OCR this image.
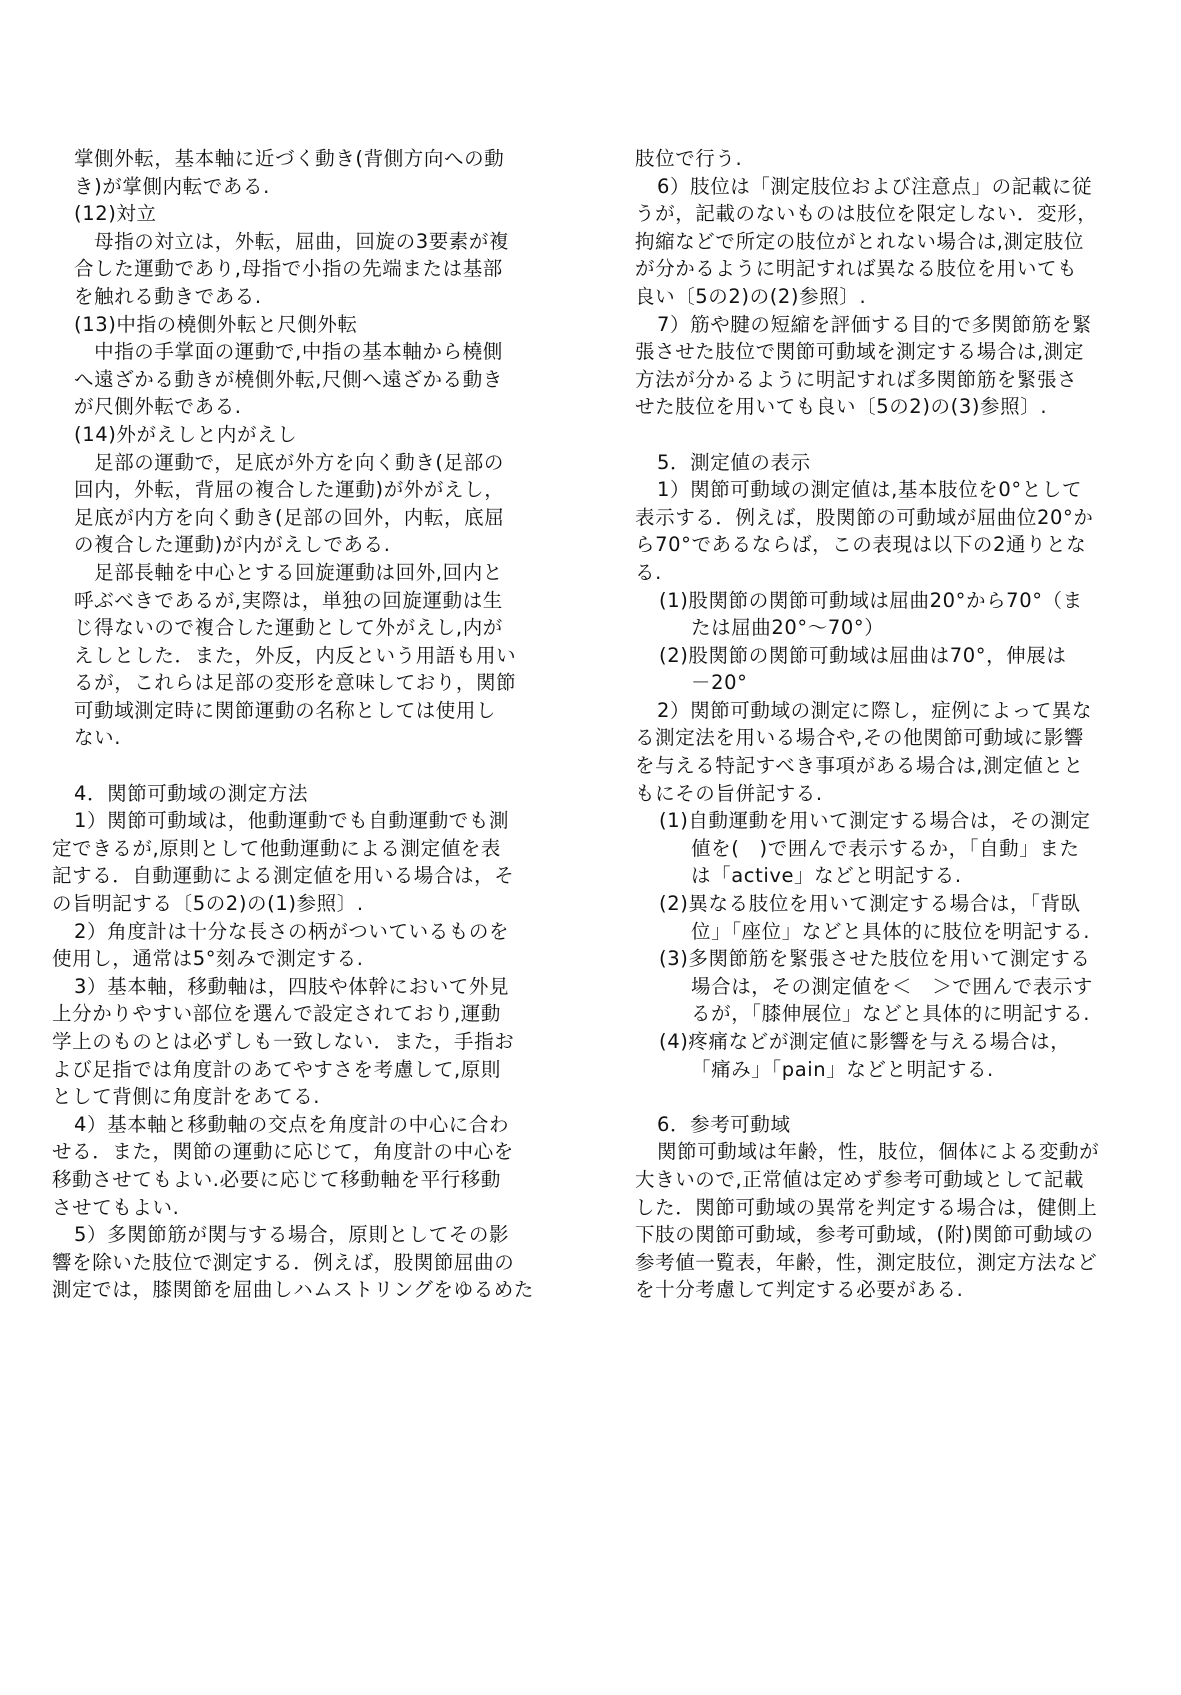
掌側外転，基本軸に近づく動き(背側方向への動
き)が掌側内転である.
(12)対立
　母指の対立は，外転，屈曲，回旋の3要素が複
合した運動であり,母指で小指の先端または基部
を触れる動きである.
(13)中指の橈側外転と尺側外転
　中指の手掌面の運動で,中指の基本軸から橈側
へ遠ざかる動きが橈側外転,尺側へ遠ざかる動き
が尺側外転である.
(14)外がえしと内がえし
　足部の運動で，足底が外方を向く動き(足部の
回内，外転，背屈の複合した運動)が外がえし，
足底が内方を向く動き(足部の回外，内転，底屈
の複合した運動)が内がえしである.
　足部長軸を中心とする回旋運動は回外,回内と
呼ぶべきであるが,実際は，単独の回旋運動は生
じ得ないので複合した運動として外がえし,内が
えしとした．また，外反，内反という用語も用い
るが，これらは足部の変形を意味しており，関節
可動域測定時に関節運動の名称としては使用し
ない.
4．関節可動域の測定方法
1）関節可動域は，他動運動でも自動運動でも測
定できるが,原則として他動運動による測定値を表
記する．自動運動による測定値を用いる場合は，そ
の旨明記する〔5の2)の(1)参照〕.
2）角度計は十分な長さの柄がついているものを
使用し，通常は5°刻みで測定する.
3）基本軸，移動軸は，四肢や体幹において外見
上分かりやすい部位を選んで設定されており,運動
学上のものとは必ずしも一致しない．また，手指お
よび足指では角度計のあてやすさを考慮して,原則
として背側に角度計をあてる.
4）基本軸と移動軸の交点を角度計の中心に合わ
せる．また，関節の運動に応じて，角度計の中心を
移動させてもよい.必要に応じて移動軸を平行移動
させてもよい.
5）多関節筋が関与する場合，原則としてその影
響を除いた肢位で測定する．例えば，股関節屈曲の
測定では，膝関節を屈曲しハムストリングをゆるめた
肢位で行う.
6）肢位は「測定肢位および注意点」の記載に従
うが，記載のないものは肢位を限定しない．変形，
拘縮などで所定の肢位がとれない場合は,測定肢位
が分かるように明記すれば異なる肢位を用いても
良い〔5の2)の(2)参照〕.
7）筋や腱の短縮を評価する目的で多関節筋を緊
張させた肢位で関節可動域を測定する場合は,測定
方法が分かるように明記すれば多関節筋を緊張さ
せた肢位を用いても良い〔5の2)の(3)参照〕.
5．測定値の表示
1）関節可動域の測定値は,基本肢位を0°として
表示する．例えば，股関節の可動域が屈曲位20°か
ら70°であるならば，この表現は以下の2通りとな
る.
(1)股関節の関節可動域は屈曲20°から70°（ま
たは屈曲20°～70°）
(2)股関節の関節可動域は屈曲は70°，伸展は
－20°
2）関節可動域の測定に際し，症例によって異な
る測定法を用いる場合や,その他関節可動域に影響
を与える特記すべき事項がある場合は,測定値とと
もにその旨併記する.
(1)自動運動を用いて測定する場合は，その測定
値を(　)で囲んで表示するか，「自動」また
は「active」などと明記する.
(2)異なる肢位を用いて測定する場合は，「背臥
位」「座位」などと具体的に肢位を明記する.
(3)多関節筋を緊張させた肢位を用いて測定する
場合は，その測定値を＜　＞で囲んで表示す
るが，「膝伸展位」などと具体的に明記する.
(4)疼痛などが測定値に影響を与える場合は，
「痛み」「pain」などと明記する.
6．参考可動域
関節可動域は年齢，性，肢位，個体による変動が
大きいので,正常値は定めず参考可動域として記載
した．関節可動域の異常を判定する場合は，健側上
下肢の関節可動域，参考可動域，(附)関節可動域の
参考値一覧表，年齢，性，測定肢位，測定方法など
を十分考慮して判定する必要がある.
